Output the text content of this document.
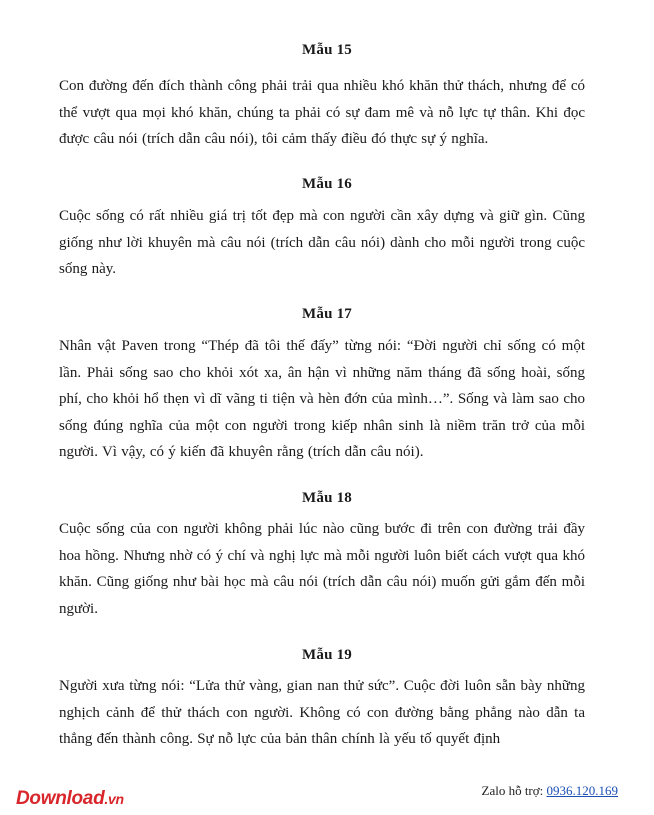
Mẫu 15
Con đường đến đích thành công phải trải qua nhiều khó khăn thử thách, nhưng để có thể vượt qua mọi khó khăn, chúng ta phải có sự đam mê và nỗ lực tự thân. Khi đọc được câu nói (trích dẫn câu nói), tôi cảm thấy điều đó thực sự ý nghĩa.
Mẫu 16
Cuộc sống có rất nhiều giá trị tốt đẹp mà con người cần xây dựng và giữ gìn. Cũng giống như lời khuyên mà câu nói (trích dẫn câu nói) dành cho mỗi người trong cuộc sống này.
Mẫu 17
Nhân vật Paven trong “Thép đã tôi thế đấy” từng nói: “Đời người chỉ sống có một lần. Phải sống sao cho khỏi xót xa, ân hận vì những năm tháng đã sống hoài, sống phí, cho khỏi hổ thẹn vì dĩ vãng ti tiện và hèn đớn của mình…”. Sống và làm sao cho sống đúng nghĩa của một con người trong kiếp nhân sinh là niềm trăn trở của mỗi người. Vì vậy, có ý kiến đã khuyên rằng (trích dẫn câu nói).
Mẫu 18
Cuộc sống của con người không phải lúc nào cũng bước đi trên con đường trải đầy hoa hồng. Nhưng nhờ có ý chí và nghị lực mà mỗi người luôn biết cách vượt qua khó khăn. Cũng giống như bài học mà câu nói (trích dẫn câu nói) muốn gửi gắm đến mỗi người.
Mẫu 19
Người xưa từng nói: “Lửa thử vàng, gian nan thử sức”. Cuộc đời luôn sẵn bày những nghịch cảnh để thử thách con người. Không có con đường bằng phẳng nào dẫn ta thẳng đến thành công. Sự nỗ lực của bản thân chính là yếu tố quyết định
Download.vn
Zalo hỗ trợ: 0936.120.169
